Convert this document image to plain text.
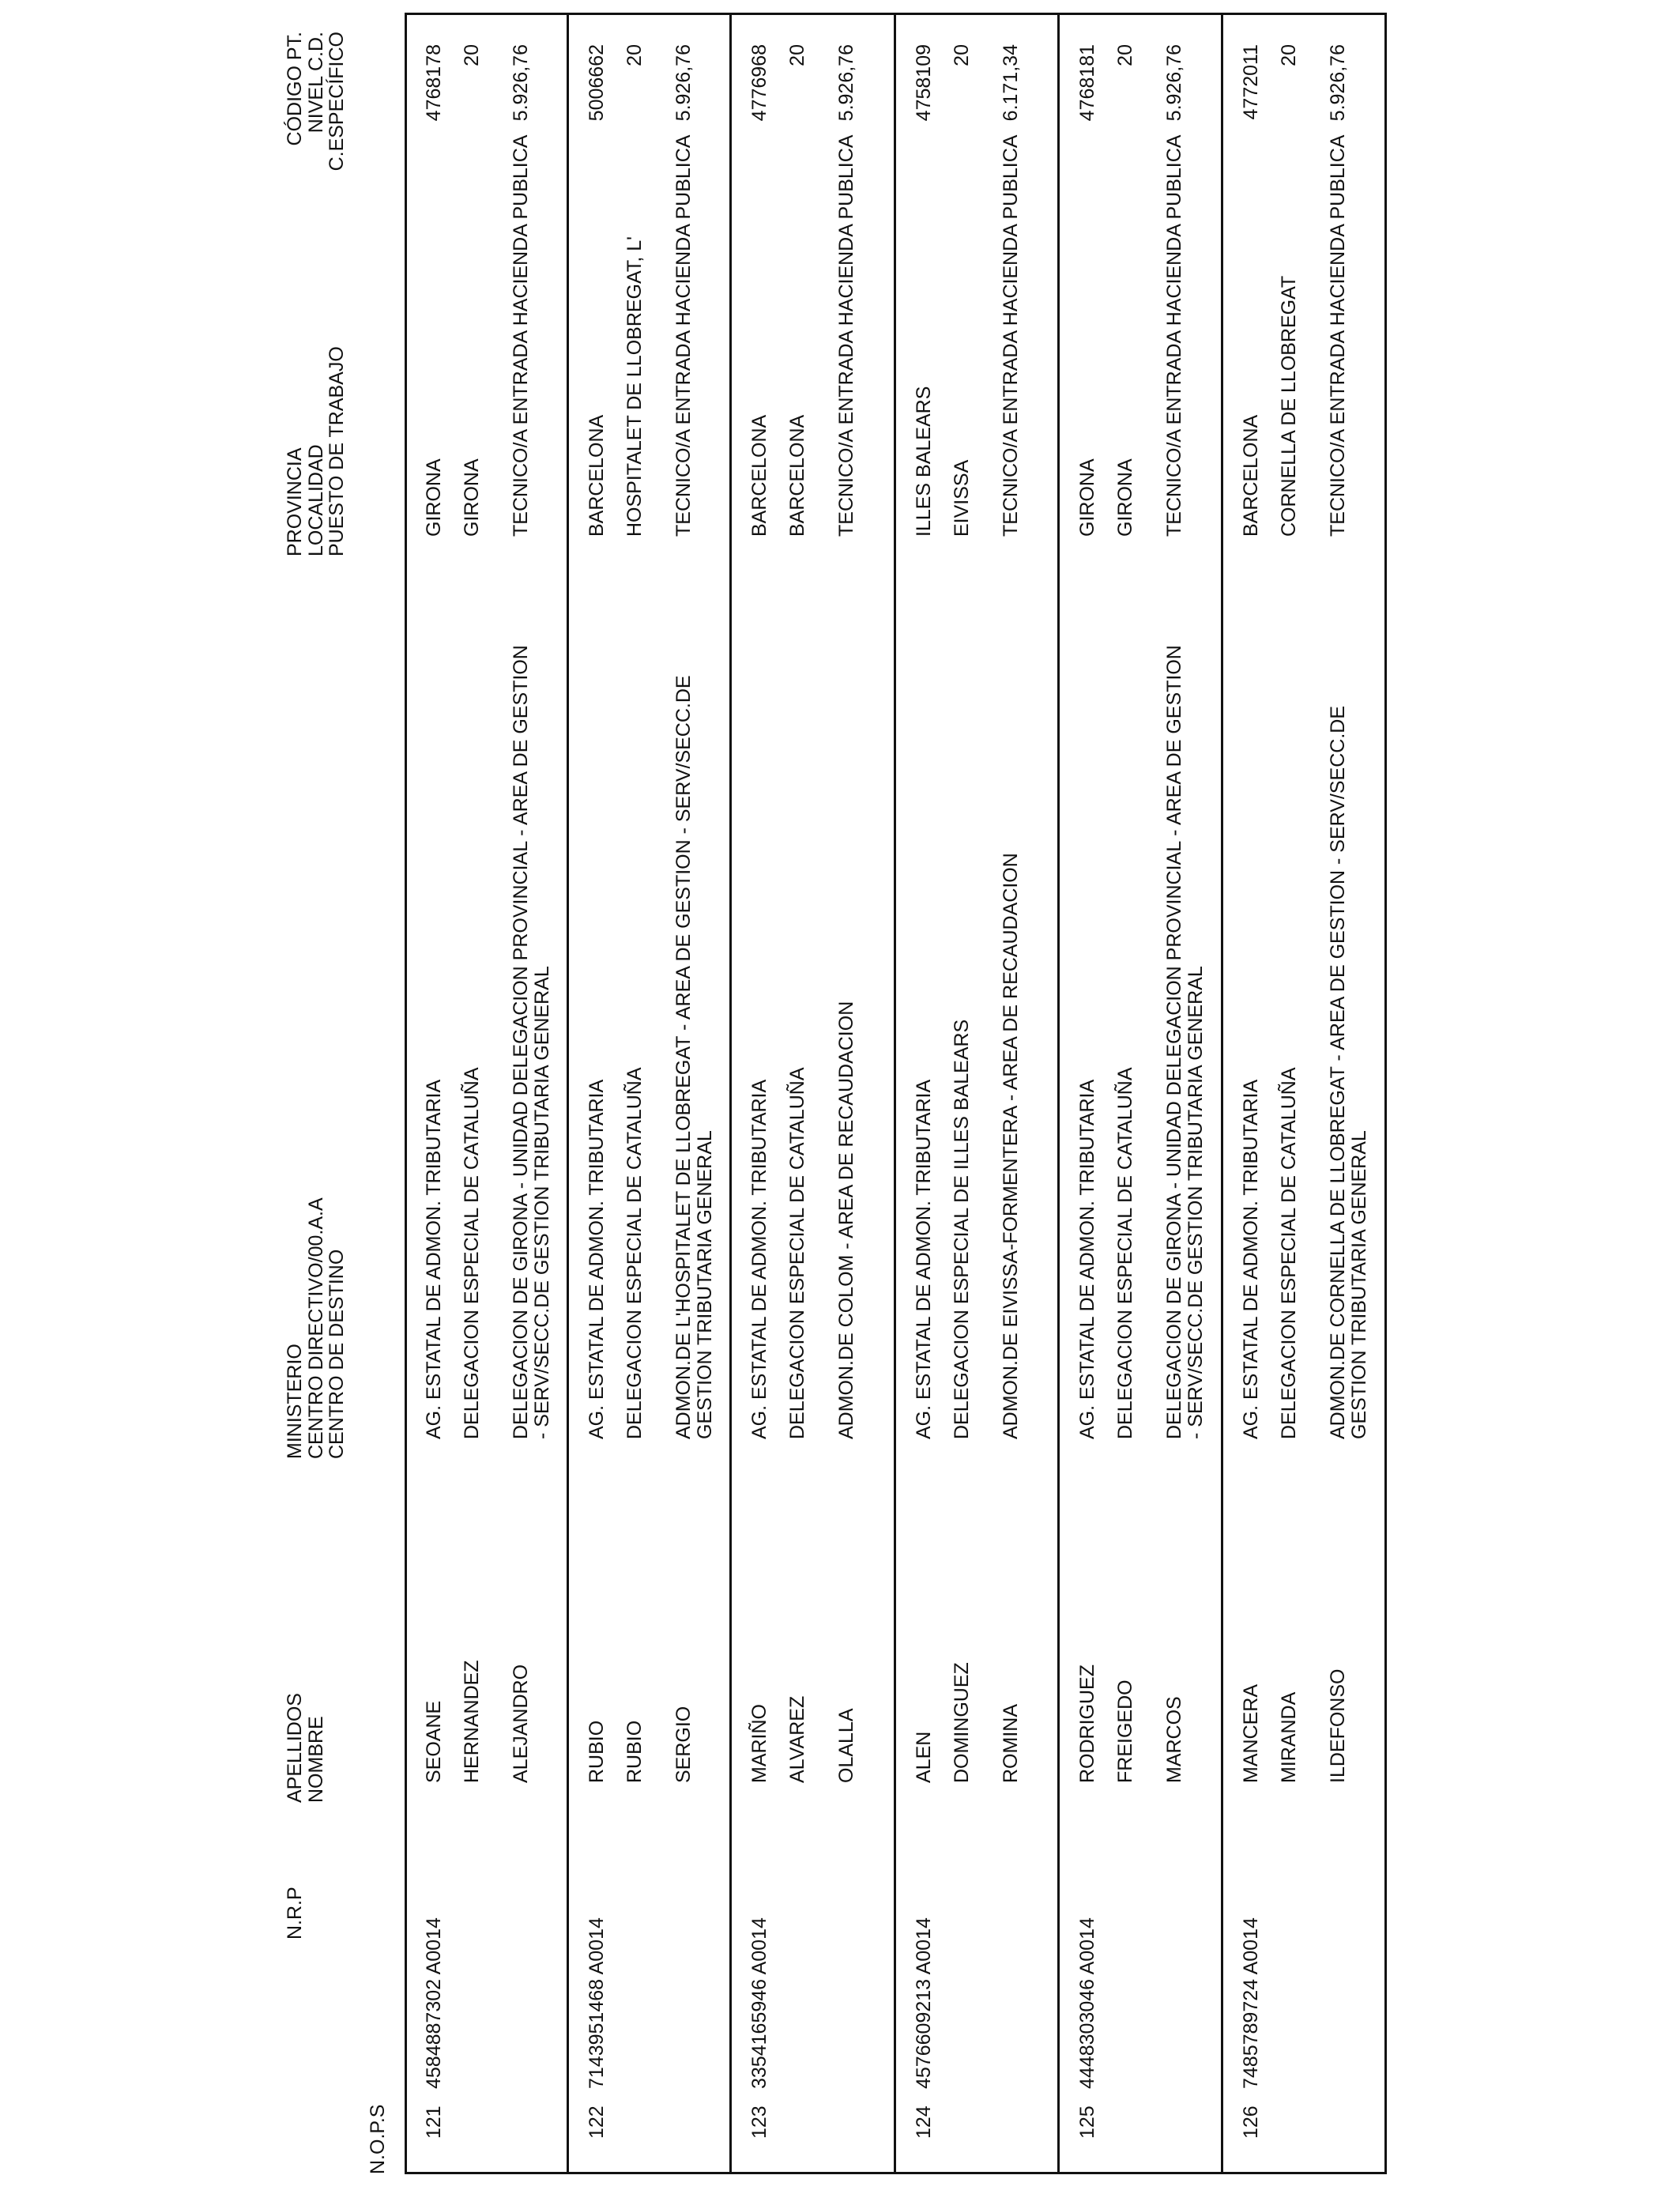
N.O.P.S
N.R.P
APELLIDOS
NOMBRE
MINISTERIO
CENTRO DIRECTIVO/00.A.A
CENTRO DE DESTINO
PROVINCIA
LOCALIDAD
PUESTO DE TRABAJO
CÓDIGO PT.
NIVEL C.D.
C.ESPECÍFICO
121
4584887302 A0014
SEOANE HERNANDEZ ALEJANDRO
AG. ESTATAL DE ADMON. TRIBUTARIA DELEGACION ESPECIAL DE CATALUÑA DELEGACION DE GIRONA - UNIDAD DELEGACION PROVINCIAL - AREA DE GESTION - SERV/SECC.DE GESTION TRIBUTARIA GENERAL
GIRONA GIRONA TECNICO/A ENTRADA HACIENDA PUBLICA
4768178 20 5.926,76
122
7143951468 A0014
RUBIO RUBIO SERGIO
AG. ESTATAL DE ADMON. TRIBUTARIA DELEGACION ESPECIAL DE CATALUÑA ADMON.DE L'HOSPITALET DE LLOBREGAT - AREA DE GESTION - SERV/SECC.DE GESTION TRIBUTARIA GENERAL
BARCELONA HOSPITALET DE LLOBREGAT, L' TECNICO/A ENTRADA HACIENDA PUBLICA
5006662 20 5.926,76
123
3354165946 A0014
MARIÑO ALVAREZ OLALLA
AG. ESTATAL DE ADMON. TRIBUTARIA DELEGACION ESPECIAL DE CATALUÑA ADMON.DE COLOM - AREA DE RECAUDACION
BARCELONA BARCELONA TECNICO/A ENTRADA HACIENDA PUBLICA
4776968 20 5.926,76
124
4576609213 A0014
ALEN DOMINGUEZ ROMINA
AG. ESTATAL DE ADMON. TRIBUTARIA DELEGACION ESPECIAL DE ILLES BALEARS ADMON.DE EIVISSA-FORMENTERA - AREA DE RECAUDACION
ILLES BALEARS EIVISSA TECNICO/A ENTRADA HACIENDA PUBLICA
4758109 20 6.171,34
125
4448303046 A0014
RODRIGUEZ FREIGEDO MARCOS
AG. ESTATAL DE ADMON. TRIBUTARIA DELEGACION ESPECIAL DE CATALUÑA DELEGACION DE GIRONA - UNIDAD DELEGACION PROVINCIAL - AREA DE GESTION - SERV/SECC.DE GESTION TRIBUTARIA GENERAL
GIRONA GIRONA TECNICO/A ENTRADA HACIENDA PUBLICA
4768181 20 5.926,76
126
7485789724 A0014
MANCERA MIRANDA ILDEFONSO
AG. ESTATAL DE ADMON. TRIBUTARIA DELEGACION ESPECIAL DE CATALUÑA ADMON.DE CORNELLA DE LLOBREGAT - AREA DE GESTION - SERV/SECC.DE GESTION TRIBUTARIA GENERAL
BARCELONA CORNELLA DE LLOBREGAT TECNICO/A ENTRADA HACIENDA PUBLICA
4772011 20 5.926,76
